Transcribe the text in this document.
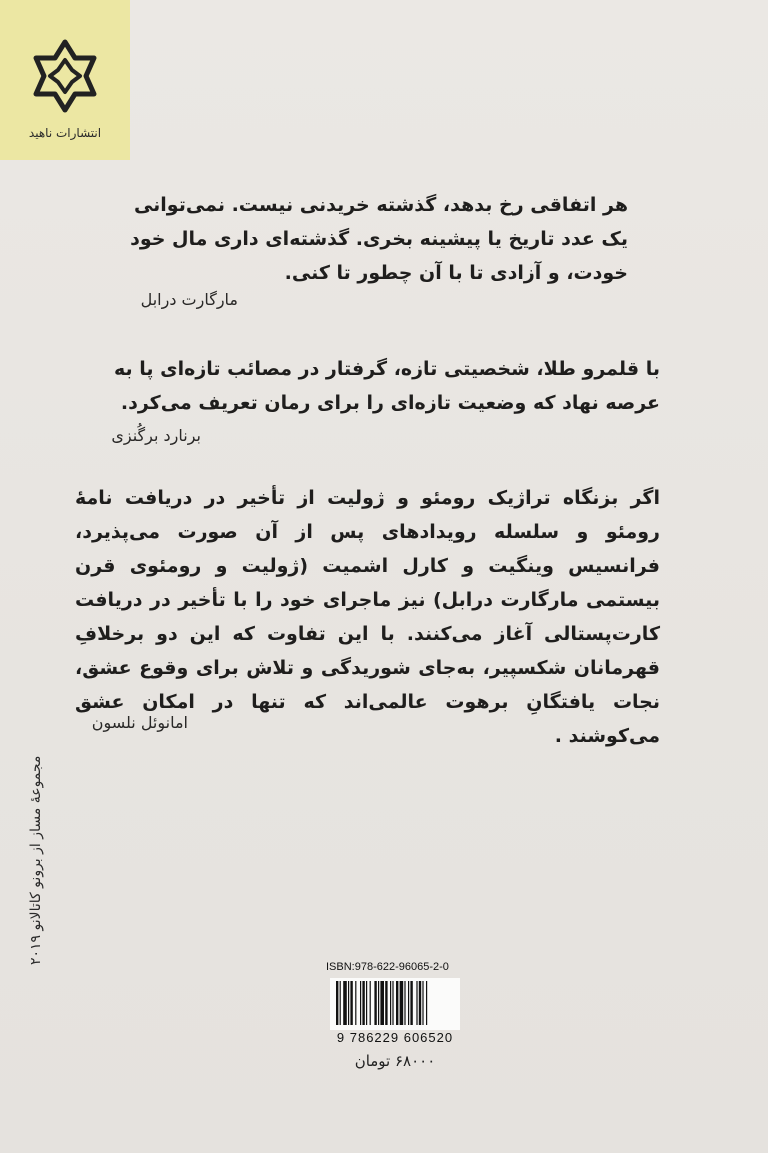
انتشارات ناهید
هر اتفاقی رخ بدهد، گذشته خریدنی نیست. نمی‌توانی یک عدد تاریخ یا پیشینه بخری. گذشته‌ای داری مال خود خودت، و آزادی تا با آن چطور تا کنی.
مارگارت درابل
با قلمرو طلا، شخصیتی تازه، گرفتار در مصائب تازه‌ای پا به عرصه نهاد که وضعیت تازه‌ای را برای رمان تعریف می‌کرد.
برنارد برگُنزی
اگر بزنگاه تراژیک رومئو و ژولیت از تأخیر در دریافت نامهٔ رومئو و سلسله رویدادهای پس از آن صورت می‌پذیرد، فرانسیس وینگیت و کارل اشمیت (ژولیت و رومئوی قرن بیستمی مارگارت درابل) نیز ماجرای خود را با تأخیر در دریافت کارت‌پستالی آغاز می‌کنند. با این تفاوت که این دو برخلافِ قهرمانان شکسپیر، به‌جای شوریدگی و تلاش برای وقوع عشق، نجات یافتگانِ برهوت عالمی‌اند که تنها در امکان عشق می‌کوشند .
امانوئل نلسون
مجموعهٔ مساز از برونو کاتالانو ۲۰۱۹
ISBN:978-622-96065-2-0
9 786229 606520
۶۸۰۰۰ تومان
